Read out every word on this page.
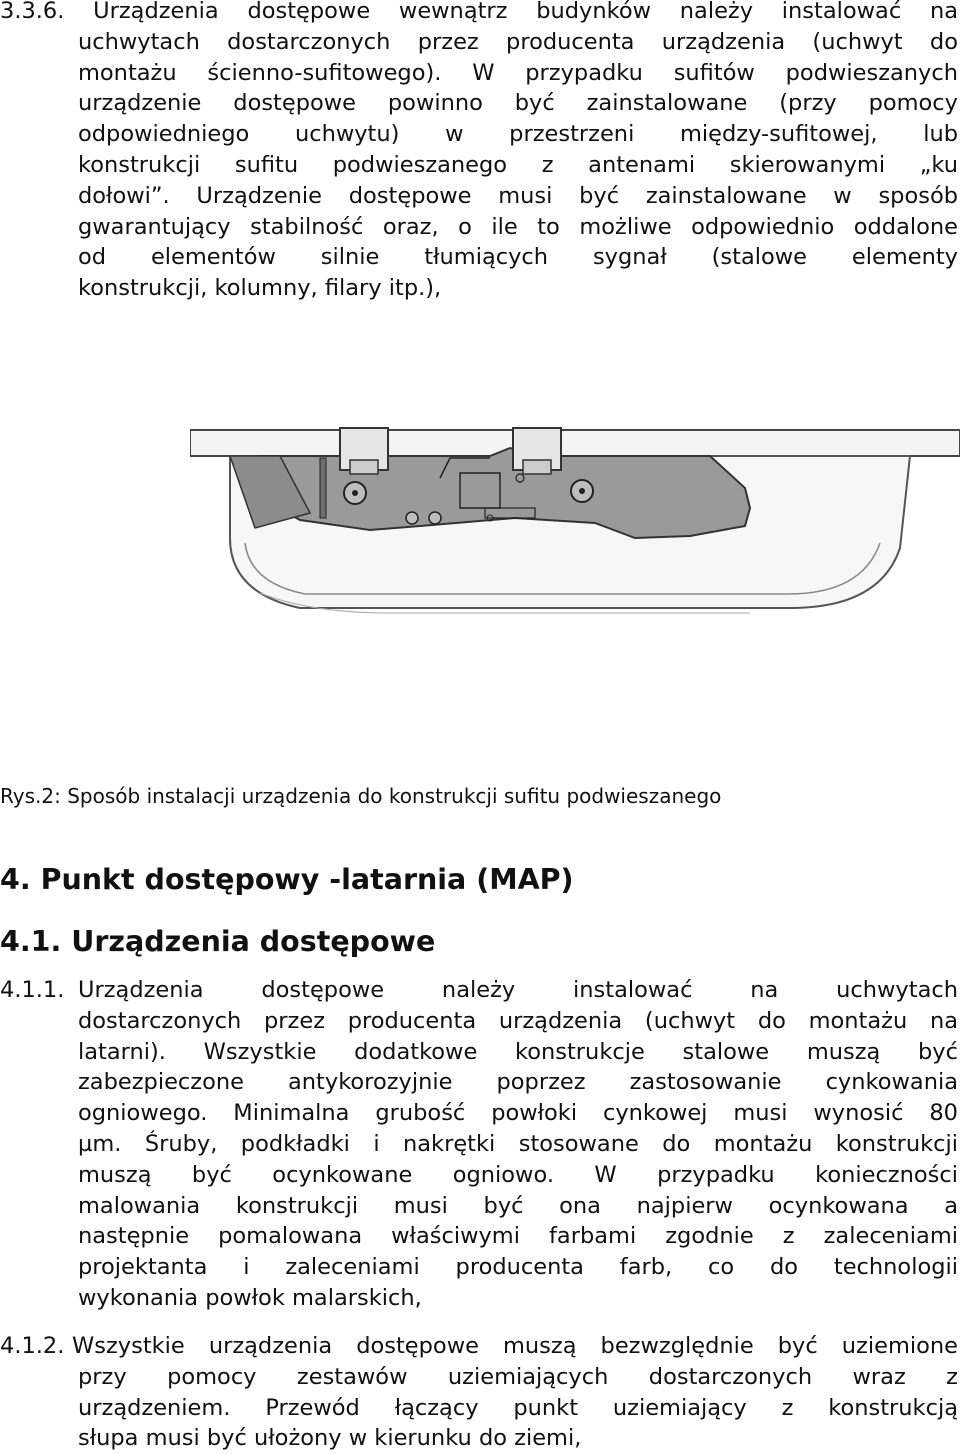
3.3.6. Urządzenia dostępowe wewnątrz budynków należy instalować na
uchwytach dostarczonych przez producenta urządzenia (uchwyt do
montażu ścienno-sufitowego). W przypadku sufitów podwieszanych
urządzenie dostępowe powinno być zainstalowane (przy pomocy
odpowiedniego uchwytu) w przestrzeni między-sufitowej, lub
konstrukcji sufitu podwieszanego z antenami skierowanymi „ku
dołowi”. Urządzenie dostępowe musi być zainstalowane w sposób
gwarantujący stabilność oraz, o ile to możliwe odpowiednio oddalone
od elementów silnie tłumiących sygnał (stalowe elementy
konstrukcji, kolumny, filary itp.),
Rys.2: Sposób instalacji urządzenia do konstrukcji sufitu podwieszanego
4. Punkt dostępowy -latarnia (MAP)
4.1. Urządzenia dostępowe
4.1.1. Urządzenia dostępowe należy instalować na uchwytach
dostarczonych przez producenta urządzenia (uchwyt do montażu na
latarni). Wszystkie dodatkowe konstrukcje stalowe muszą być
zabezpieczone antykorozyjnie poprzez zastosowanie cynkowania
ogniowego. Minimalna grubość powłoki cynkowej musi wynosić 80
µm. Śruby, podkładki i nakrętki stosowane do montażu konstrukcji
muszą być ocynkowane ogniowo. W przypadku konieczności
malowania konstrukcji musi być ona najpierw ocynkowana a
następnie pomalowana właściwymi farbami zgodnie z zaleceniami
projektanta i zaleceniami producenta farb, co do technologii
wykonania powłok malarskich,
4.1.2. Wszystkie urządzenia dostępowe muszą bezwzględnie być uziemione
przy pomocy zestawów uziemiających dostarczonych wraz z
urządzeniem. Przewód łączący punkt uziemiający z konstrukcją
słupa musi być ułożony w kierunku do ziemi,
